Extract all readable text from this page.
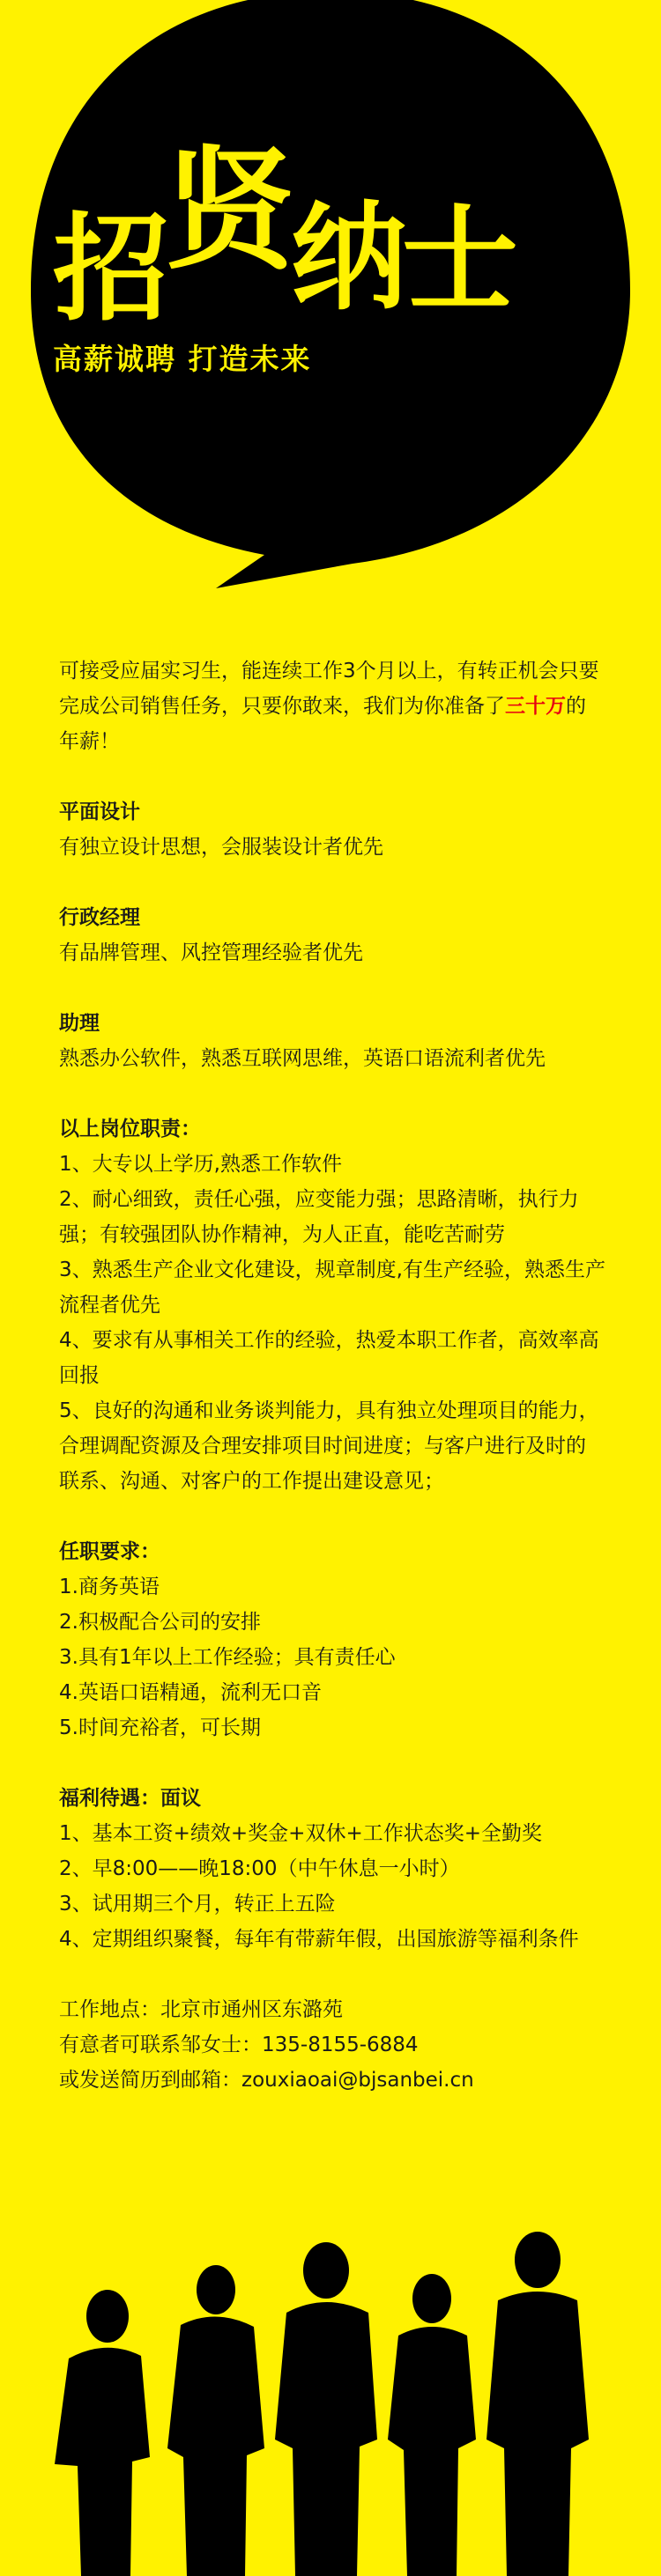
招贤纳士
高薪诚聘 打造未来

可接受应届实习生，能连续工作3个月以上，有转正机会只要完成公司销售任务，只要你敢来，我们为你准备了三十万的年薪！

平面设计

有独立设计思想，会服装设计者优先

行政经理

有品牌管理、风控管理经验者优先

助理

熟悉办公软件，熟悉互联网思维，英语口语流利者优先

以上岗位职责：

1、大专以上学历,熟悉工作软件

2、耐心细致，责任心强，应变能力强；思路清晰，执行力强；有较强团队协作精神，为人正直，能吃苦耐劳

3、熟悉生产企业文化建设，规章制度,有生产经验，熟悉生产流程者优先

4、要求有从事相关工作的经验，热爱本职工作者，高效率高回报

5、良好的沟通和业务谈判能力，具有独立处理项目的能力，合理调配资源及合理安排项目时间进度；与客户进行及时的联系、沟通、对客户的工作提出建设意见；

任职要求：

1.商务英语

2.积极配合公司的安排

3.具有1年以上工作经验；具有责任心

4.英语口语精通，流利无口音

5.时间充裕者，可长期

福利待遇：面议

1、基本工资+绩效+奖金+双休+工作状态奖+全勤奖

2、早8:00——晚18:00（中午休息一小时）

3、试用期三个月，转正上五险

4、定期组织聚餐，每年有带薪年假，出国旅游等福利条件

工作地点：北京市通州区东潞苑

有意者可联系邹女士：135-8155-6884

或发送简历到邮箱：zouxiaoai@bjsanbei.cn
